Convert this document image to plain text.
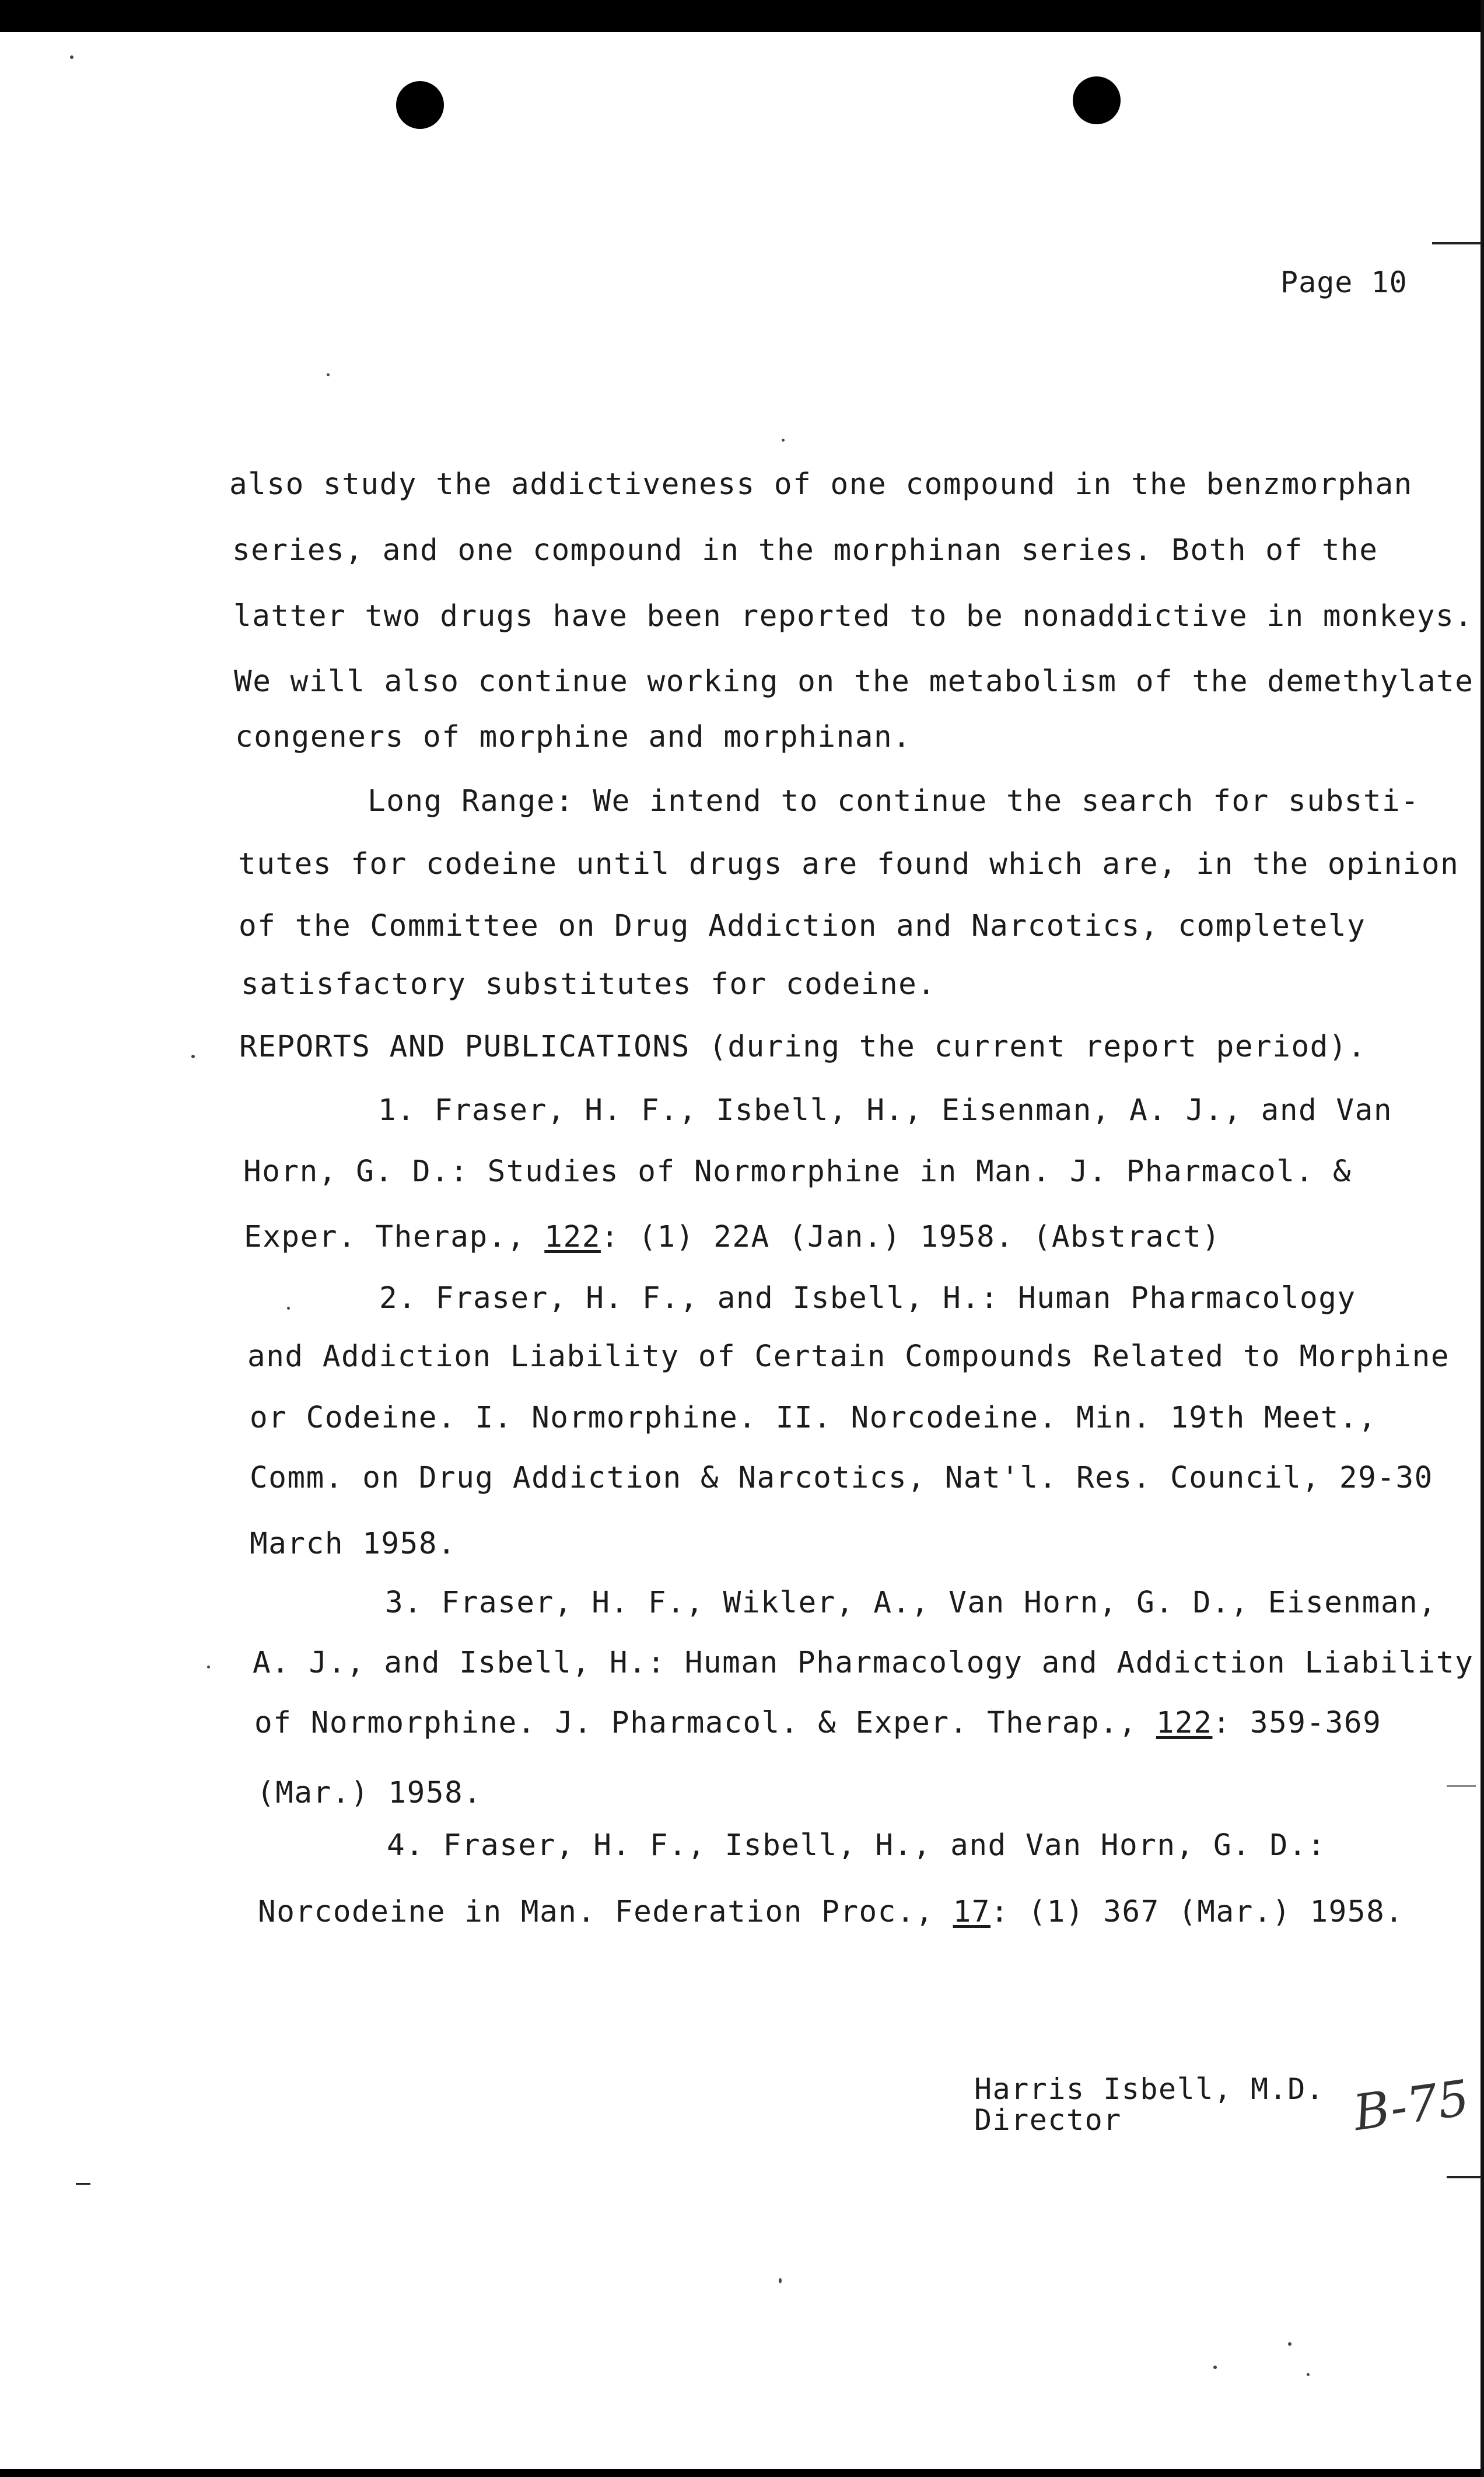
Page 10
also study the addictiveness of one compound in the benzmorphan
series, and one compound in the morphinan series. Both of the
latter two drugs have been reported to be nonaddictive in monkeys.
We will also continue working on the metabolism of the demethylate
congeners of morphine and morphinan.
Long Range: We intend to continue the search for substi-
tutes for codeine until drugs are found which are, in the opinion
of the Committee on Drug Addiction and Narcotics, completely
satisfactory substitutes for codeine.
REPORTS AND PUBLICATIONS (during the current report period).
1. Fraser, H. F., Isbell, H., Eisenman, A. J., and Van
Horn, G. D.: Studies of Normorphine in Man. J. Pharmacol. &
Exper. Therap., 122: (1) 22A (Jan.) 1958. (Abstract)
2. Fraser, H. F., and Isbell, H.: Human Pharmacology
and Addiction Liability of Certain Compounds Related to Morphine
or Codeine. I. Normorphine. II. Norcodeine. Min. 19th Meet.,
Comm. on Drug Addiction & Narcotics, Nat'l. Res. Council, 29-30
March 1958.
3. Fraser, H. F., Wikler, A., Van Horn, G. D., Eisenman,
A. J., and Isbell, H.: Human Pharmacology and Addiction Liability
of Normorphine. J. Pharmacol. & Exper. Therap., 122: 359-369
(Mar.) 1958.
4. Fraser, H. F., Isbell, H., and Van Horn, G. D.:
Norcodeine in Man. Federation Proc., 17: (1) 367 (Mar.) 1958.
Harris Isbell, M.D.
Director	B-75
